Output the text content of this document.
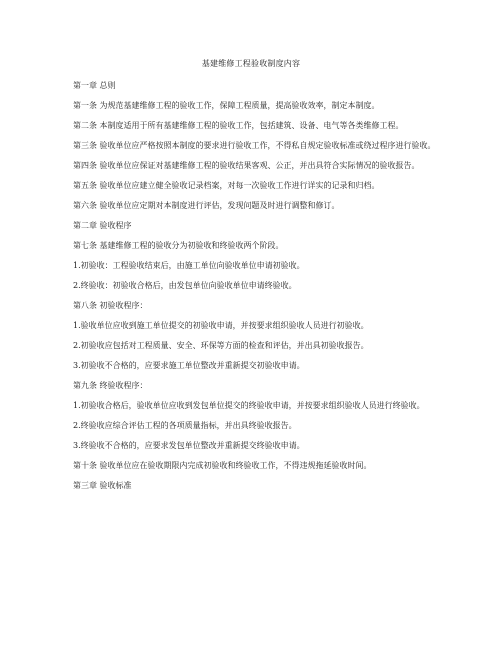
基建维修工程验收制度内容

第一章 总则

第一条 为规范基建维修工程的验收工作，保障工程质量，提高验收效率，制定本制度。

第二条 本制度适用于所有基建维修工程的验收工作，包括建筑、设备、电气等各类维修工程。

第三条 验收单位应严格按照本制度的要求进行验收工作，不得私自规定验收标准或绕过程序进行验收。

第四条 验收单位应保证对基建维修工程的验收结果客观、公正，并出具符合实际情况的验收报告。

第五条 验收单位应建立健全验收记录档案，对每一次验收工作进行详实的记录和归档。

第六条 验收单位应定期对本制度进行评估，发现问题及时进行调整和修订。

第二章 验收程序

第七条 基建维修工程的验收分为初验收和终验收两个阶段。

1.初验收：工程验收结束后，由施工单位向验收单位申请初验收。

2.终验收：初验收合格后，由发包单位向验收单位申请终验收。

第八条 初验收程序：

1.验收单位应收到施工单位提交的初验收申请，并按要求组织验收人员进行初验收。

2.初验收应包括对工程质量、安全、环保等方面的检查和评估，并出具初验收报告。

3.初验收不合格的，应要求施工单位整改并重新提交初验收申请。

第九条 终验收程序：

1.初验收合格后，验收单位应收到发包单位提交的终验收申请，并按要求组织验收人员进行终验收。

2.终验收应综合评估工程的各项质量指标，并出具终验收报告。

3.终验收不合格的，应要求发包单位整改并重新提交终验收申请。

第十条 验收单位应在验收期限内完成初验收和终验收工作，不得违规拖延验收时间。

第三章 验收标准
